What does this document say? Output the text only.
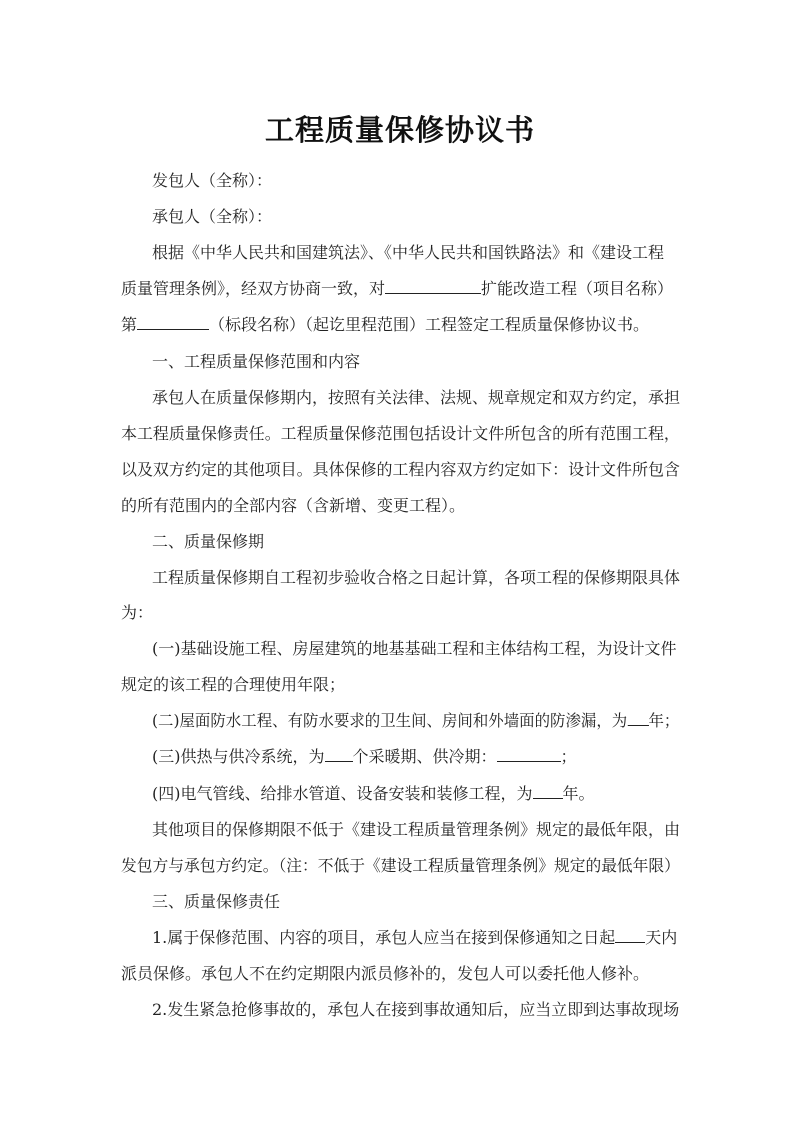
工程质量保修协议书
发包人（全称）：
承包人（全称）：
根据《中华人民共和国建筑法》、《中华人民共和国铁路法》和《建设工程
质量管理条例》，经双方协商一致，对	扩能改造工程（项目名称）
第	（标段名称）（起讫里程范围）工程签定工程质量保修协议书。
一、工程质量保修范围和内容
承包人在质量保修期内，按照有关法律、法规、规章规定和双方约定，承担
本工程质量保修责任。工程质量保修范围包括设计文件所包含的所有范围工程，
以及双方约定的其他项目。具体保修的工程内容双方约定如下：设计文件所包含
的所有范围内的全部内容（含新增、变更工程）。
二、质量保修期
工程质量保修期自工程初步验收合格之日起计算，各项工程的保修期限具体
为：
(一)基础设施工程、房屋建筑的地基基础工程和主体结构工程，为设计文件
规定的该工程的合理使用年限；
(二)屋面防水工程、有防水要求的卫生间、房间和外墙面的防渗漏，为 年；
(三)供热与供冷系统，为 个采暖期、供冷期：	；
(四)电气管线、给排水管道、设备安装和装修工程，为 年。
其他项目的保修期限不低于《建设工程质量管理条例》规定的最低年限，由
发包方与承包方约定。（注：不低于《建设工程质量管理条例》规定的最低年限）
三、质量保修责任
1.属于保修范围、内容的项目，承包人应当在接到保修通知之日起 天内
派员保修。承包人不在约定期限内派员修补的，发包人可以委托他人修补。
2.发生紧急抢修事故的，承包人在接到事故通知后，应当立即到达事故现场
